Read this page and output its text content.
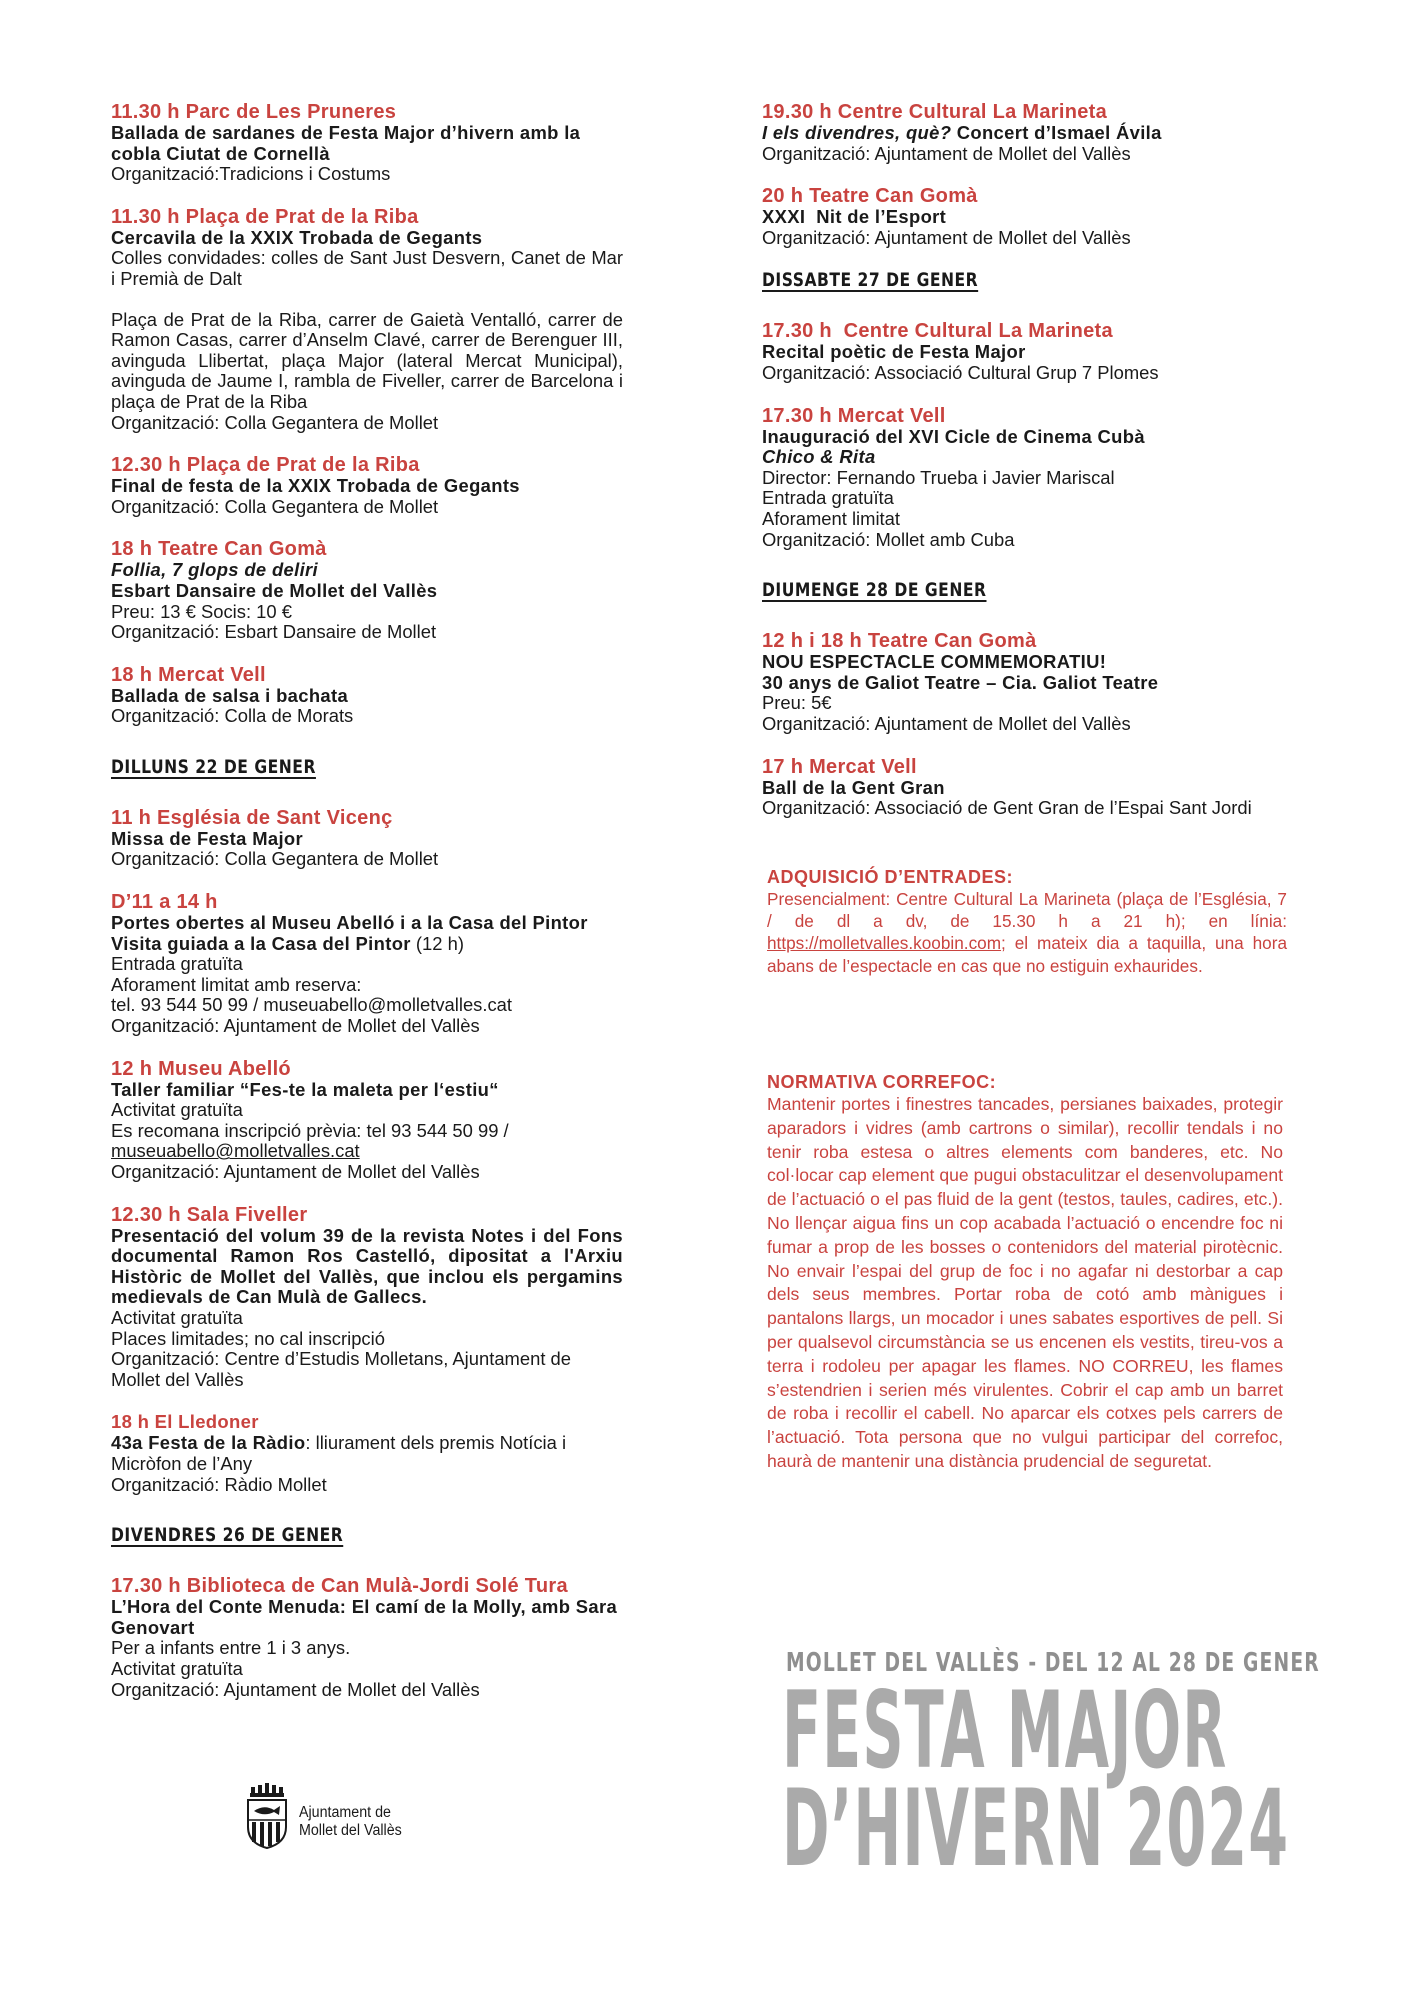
11.30 h Parc de Les Pruneres
Ballada de sardanes de Festa Major d’hivern amb la cobla Ciutat de Cornellà
Organització:Tradicions i Costums
11.30 h Plaça de Prat de la Riba
Cercavila de la XXIX Trobada de Gegants
Colles convidades: colles de Sant Just Desvern, Canet de Mar i Premià de Dalt
Plaça de Prat de la Riba, carrer de Gaietà Ventalló, carrer de Ramon Casas, carrer d’Anselm Clavé, carrer de Berenguer III, avinguda Llibertat, plaça Major (lateral Mercat Municipal), avinguda de Jaume I, rambla de Fiveller, carrer de Barcelona i plaça de Prat de la Riba
Organització: Colla Gegantera de Mollet
12.30 h Plaça de Prat de la Riba
Final de festa de la XXIX Trobada de Gegants
Organització: Colla Gegantera de Mollet
18 h Teatre Can Gomà
Follia, 7 glops de deliri
Esbart Dansaire de Mollet del Vallès
Preu: 13 € Socis: 10 €
Organització: Esbart Dansaire de Mollet
18 h Mercat Vell
Ballada de salsa i bachata
Organització: Colla de Morats
DILLUNS 22 DE GENER
11 h Església de Sant Vicenç
Missa de Festa Major
Organització: Colla Gegantera de Mollet
D’11 a 14 h
Portes obertes al Museu Abelló i a la Casa del Pintor
Visita guiada a la Casa del Pintor (12 h)
Entrada gratuïta
Aforament limitat amb reserva:
tel. 93 544 50 99 / museuabello@molletvalles.cat
Organització: Ajuntament de Mollet del Vallès
12 h Museu Abelló
Taller familiar “Fes-te la maleta per l‘estiu“
Activitat gratuïta
Es recomana inscripció prèvia: tel 93 544 50 99 /
museuabello@molletvalles.cat
Organització: Ajuntament de Mollet del Vallès
12.30 h Sala Fiveller
Presentació del volum 39 de la revista Notes i del Fons documental Ramon Ros Castelló, dipositat a l'Arxiu Històric de Mollet del Vallès, que inclou els pergamins medievals de Can Mulà de Gallecs.
Activitat gratuïta
Places limitades; no cal inscripció
Organització: Centre d’Estudis Molletans, Ajuntament de Mollet del Vallès
18 h El Lledoner
43a Festa de la Ràdio: lliurament dels premis Notícia i Micròfon de l’Any
Organització: Ràdio Mollet
DIVENDRES 26 DE GENER
17.30 h Biblioteca de Can Mulà-Jordi Solé Tura
L’Hora del Conte Menuda: El camí de la Molly, amb Sara Genovart
Per a infants entre 1 i 3 anys.
Activitat gratuïta
Organització: Ajuntament de Mollet del Vallès
19.30 h Centre Cultural La Marineta
I els divendres, què? Concert d’Ismael Ávila
Organització: Ajuntament de Mollet del Vallès
20 h Teatre Can Gomà
XXXI  Nit de l’Esport
Organització: Ajuntament de Mollet del Vallès
DISSABTE 27 DE GENER
17.30 h  Centre Cultural La Marineta
Recital poètic de Festa Major
Organització: Associació Cultural Grup 7 Plomes
17.30 h Mercat Vell
Inauguració del XVI Cicle de Cinema Cubà
Chico & Rita
Director: Fernando Trueba i Javier Mariscal
Entrada gratuïta
Aforament limitat
Organització: Mollet amb Cuba
DIUMENGE 28 DE GENER
12 h i 18 h Teatre Can Gomà
NOU ESPECTACLE COMMEMORATIU!
30 anys de Galiot Teatre – Cia. Galiot Teatre
Preu: 5€
Organització: Ajuntament de Mollet del Vallès
17 h Mercat Vell
Ball de la Gent Gran
Organització: Associació de Gent Gran de l’Espai Sant Jordi
ADQUISICIÓ D’ENTRADES:
Presencialment: Centre Cultural La Marineta (plaça de l’Església, 7 / de dl a dv, de 15.30 h a 21 h); en línia: https://molletvalles.koobin.com; el mateix dia a taquilla, una hora abans de l’espectacle en cas que no estiguin exhaurides.
NORMATIVA CORREFOC:
Mantenir portes i finestres tancades, persianes baixades, protegir aparadors i vidres (amb cartrons o similar), recollir tendals i no tenir roba estesa o altres elements com banderes, etc. No col·locar cap element que pugui obstaculitzar el desenvolupament de l’actuació o el pas fluid de la gent (testos, taules, cadires, etc.). No llençar aigua fins un cop acabada l’actuació o encendre foc ni fumar a prop de les bosses o contenidors del material pirotècnic. No envair l’espai del grup de foc i no agafar ni destorbar a cap dels seus membres. Portar roba de cotó amb mànigues i pantalons llargs, un mocador i unes sabates esportives de pell. Si per qualsevol circumstància se us encenen els vestits, tireu-vos a terra i rodoleu per apagar les flames. NO CORREU, les flames s’estendrien i serien més virulentes. Cobrir el cap amb un barret de roba i recollir el cabell. No aparcar els cotxes pels carrers de l’actuació. Tota persona que no vulgui participar del correfoc, haurà de mantenir una distància prudencial de seguretat.
MOLLET DEL VALLÈS - DEL 12 AL 28 DE GENER
FESTA MAJOR
D’HIVERN 2024
Ajuntament de
Mollet del Vallès
